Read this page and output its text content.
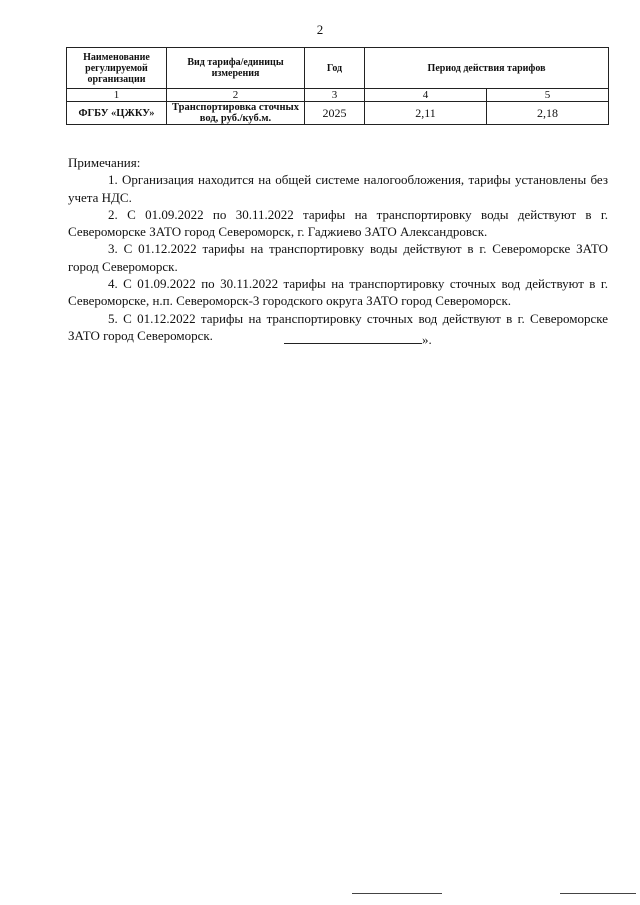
2
Наименование регулируемой организации	Вид тарифа/единицы измерения	Год	Период действия тарифов	
1	2	3	4	5
ФГБУ «ЦЖКУ»	Транспортировка сточных вод, руб./куб.м.	2025	2,11	2,18
Примечания:
1. Организация находится на общей системе налогообложения, тарифы установлены без учета НДС.
2. С 01.09.2022 по 30.11.2022 тарифы на транспортировку воды действуют в г. Североморске ЗАТО город Североморск, г. Гаджиево ЗАТО Александровск.
3. С 01.12.2022 тарифы на транспортировку воды действуют в г. Североморске ЗАТО город Североморск.
4. С 01.09.2022 по 30.11.2022 тарифы на транспортировку сточных вод действуют в г. Североморске, н.п. Североморск-3 городского округа ЗАТО город Североморск.
5. С 01.12.2022 тарифы на транспортировку сточных вод действуют в г. Североморске ЗАТО город Североморск.	».
